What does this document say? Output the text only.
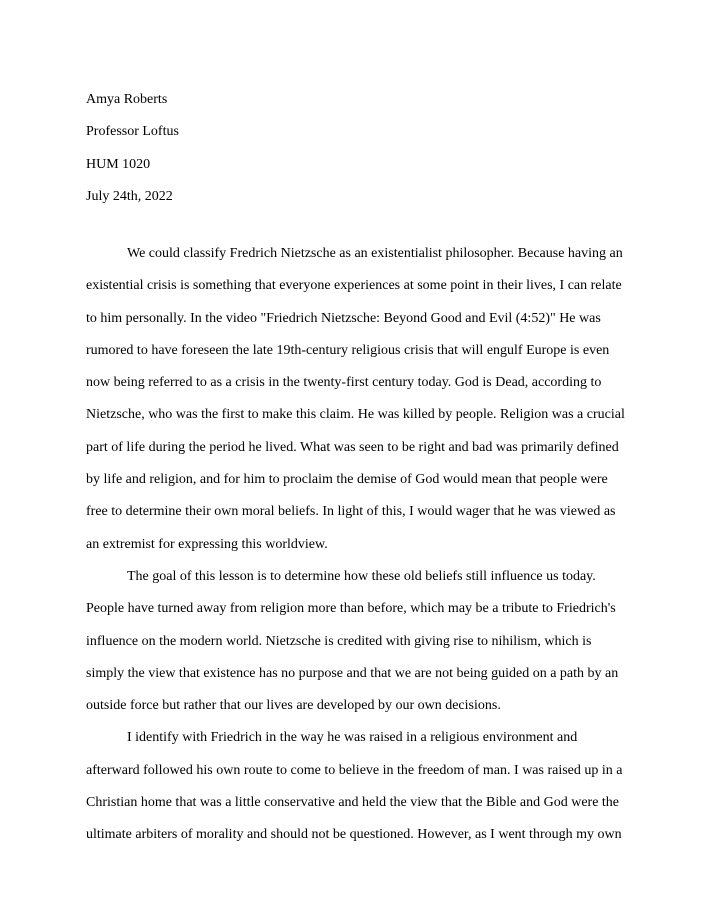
Amya Roberts
Professor Loftus
HUM 1020
July 24th, 2022
We could classify Fredrich Nietzsche as an existentialist philosopher. Because having an
existential crisis is something that everyone experiences at some point in their lives, I can relate
to him personally. In the video "Friedrich Nietzsche: Beyond Good and Evil (4:52)" He was
rumored to have foreseen the late 19th-century religious crisis that will engulf Europe is even
now being referred to as a crisis in the twenty-first century today. God is Dead, according to
Nietzsche, who was the first to make this claim. He was killed by people. Religion was a crucial
part of life during the period he lived. What was seen to be right and bad was primarily defined
by life and religion, and for him to proclaim the demise of God would mean that people were
free to determine their own moral beliefs. In light of this, I would wager that he was viewed as
an extremist for expressing this worldview.
The goal of this lesson is to determine how these old beliefs still influence us today.
People have turned away from religion more than before, which may be a tribute to Friedrich's
influence on the modern world. Nietzsche is credited with giving rise to nihilism, which is
simply the view that existence has no purpose and that we are not being guided on a path by an
outside force but rather that our lives are developed by our own decisions.
I identify with Friedrich in the way he was raised in a religious environment and
afterward followed his own route to come to believe in the freedom of man. I was raised up in a
Christian home that was a little conservative and held the view that the Bible and God were the
ultimate arbiters of morality and should not be questioned. However, as I went through my own
